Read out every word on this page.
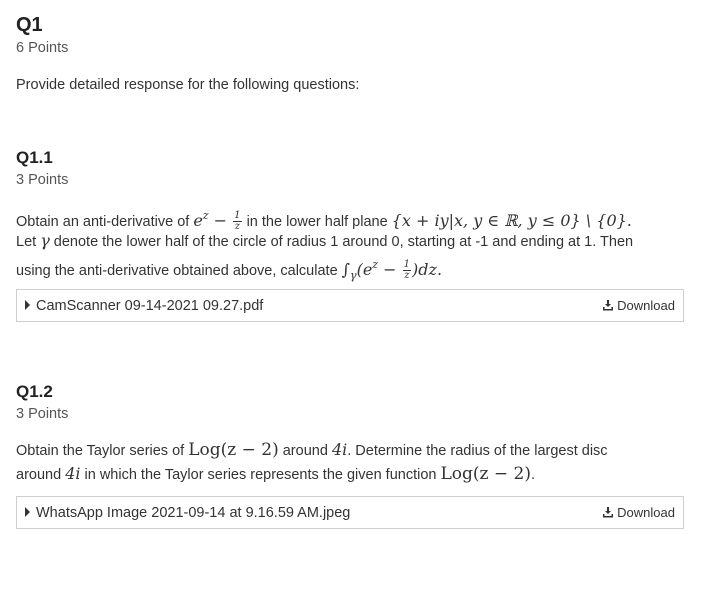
Q1
6 Points
Provide detailed response for the following questions:
Q1.1
3 Points
Obtain an anti-derivative of $e^z - \frac{1}{z}$ in the lower half plane {x + iy|x, y ∈ ℝ, y ≤ 0} \ {0}.
Let γ denote the lower half of the circle of radius 1 around 0, starting at -1 and ending at 1. Then
using the anti-derivative obtained above, calculate $\int_\gamma(e^z - \frac{1}{z} )dz$.
CamScanner 09-14-2021 09.27.pdf	Download
Q1.2
3 Points
Obtain the Taylor series of Log(z − 2) around 4i. Determine the radius of the largest disc
around 4i in which the Taylor series represents the given function Log(z − 2).
WhatsApp Image 2021-09-14 at 9.16.59 AM.jpeg	Download
